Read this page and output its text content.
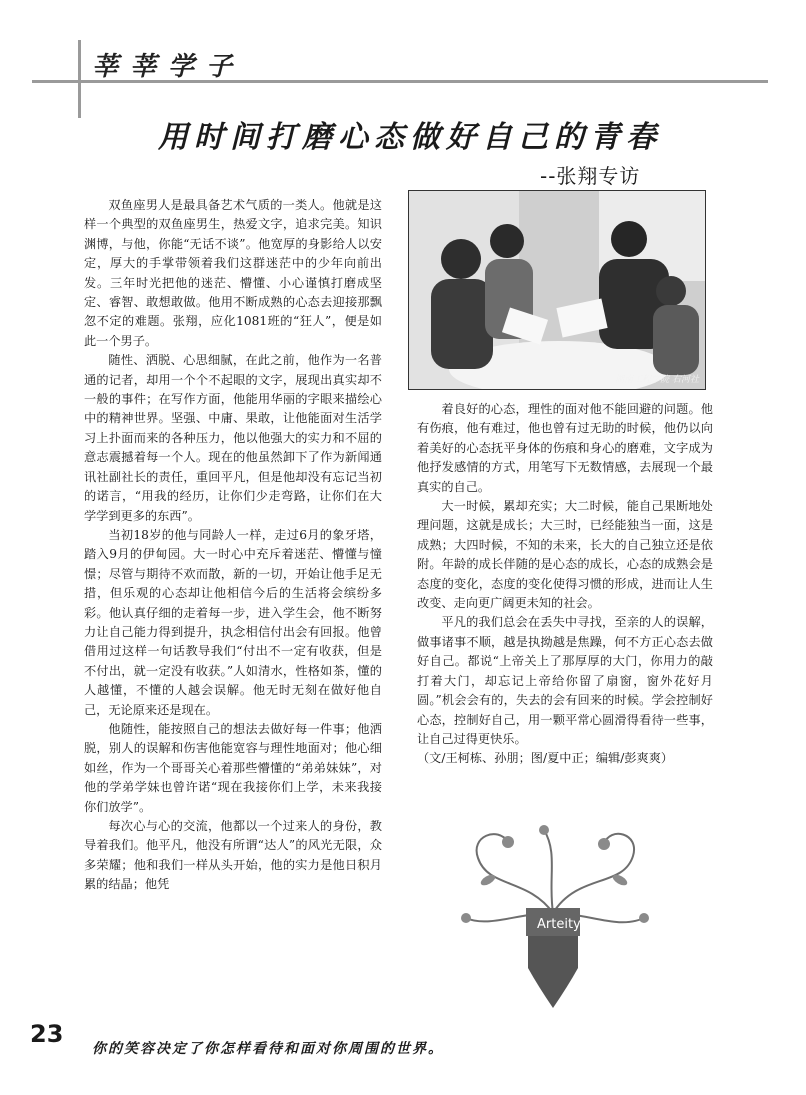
莘莘学子
用时间打磨心态做好自己的青春
--张翔专访

双鱼座男人是最具备艺术气质的一类人。他就是这样一个典型的双鱼座男生，热爱文字，追求完美。知识渊博，与他，你能“无话不谈”。他宽厚的身影给人以安定，厚大的手掌带领着我们这群迷茫中的少年向前出发。三年时光把他的迷茫、懵懂、小心谨慎打磨成坚定、睿智、敢想敢做。他用不断成熟的心态去迎接那飘忽不定的难题。张翔，应化1081班的“狂人”，便是如此一个男子。

随性、洒脱、心思细腻，在此之前，他作为一名普通的记者，却用一个个不起眼的文字，展现出真实却不一般的事件；在写作方面，他能用华丽的字眼来描绘心中的精神世界。坚强、中庸、果敢，让他能面对生活学习上扑面而来的各种压力，他以他强大的实力和不屈的意志震撼着每一个人。现在的他虽然卸下了作为新闻通讯社副社长的责任，重回平凡，但是他却没有忘记当初的诺言，“用我的经历，让你们少走弯路，让你们在大学学到更多的东西”。

当初18岁的他与同龄人一样，走过6月的象牙塔，踏入9月的伊甸园。大一时心中充斥着迷茫、懵懂与憧憬；尽管与期待不欢而散，新的一切，开始让他手足无措，但乐观的心态却让他相信今后的生活将会缤纷多彩。他认真仔细的走着每一步，进入学生会，他不断努力让自己能力得到提升，执念相信付出会有回报。他曾借用过这样一句话教导我们“付出不一定有收获，但是不付出，就一定没有收获。”人如清水，性格如茶，懂的人越懂，不懂的人越会误解。他无时无刻在做好他自己，无论原来还是现在。

他随性，能按照自己的想法去做好每一件事；他洒脱，别人的误解和伤害他能宽容与理性地面对；他心细如丝，作为一个哥哥关心着那些懵懂的“弟弟妹妹”，对他的学弟学妹也曾许诺“现在我接你们上学，未来我接你们放学”。

每次心与心的交流，他都以一个过来人的身份，教导着我们。他平凡，他没有所谓“达人”的风光无限，众多荣耀；他和我们一样从头开始，他的实力是他日积月累的结晶；他凭

湖南工程学院 右河社

着良好的心态，理性的面对他不能回避的问题。他有伤痕，他有难过，他也曾有过无助的时候，他仍以向着美好的心态抚平身体的伤痕和身心的磨难，文字成为他抒发感情的方式，用笔写下无数情感，去展现一个最真实的自己。

大一时候，累却充实；大二时候，能自己果断地处理问题，这就是成长；大三时，已经能独当一面，这是成熟；大四时候，不知的未来，长大的自己独立还是依附。年龄的成长伴随的是心态的成长，心态的成熟会是态度的变化，态度的变化使得习惯的形成，进而让人生改变、走向更广阔更未知的社会。

平凡的我们总会在丢失中寻找，至亲的人的误解，做事诸事不顺，越是执拗越是焦躁，何不方正心态去做好自己。都说“上帝关上了那厚厚的大门，你用力的敲打着大门，却忘记上帝给你留了扇窗，窗外花好月圆。”机会会有的，失去的会有回来的时候。学会控制好心态，控制好自己，用一颗平常心圆滑得看待一些事，让自己过得更快乐。

（文/王柯栋、孙朋；图/夏中正；编辑/彭爽爽）

Arteity
23
你的笑容决定了你怎样看待和面对你周围的世界。
